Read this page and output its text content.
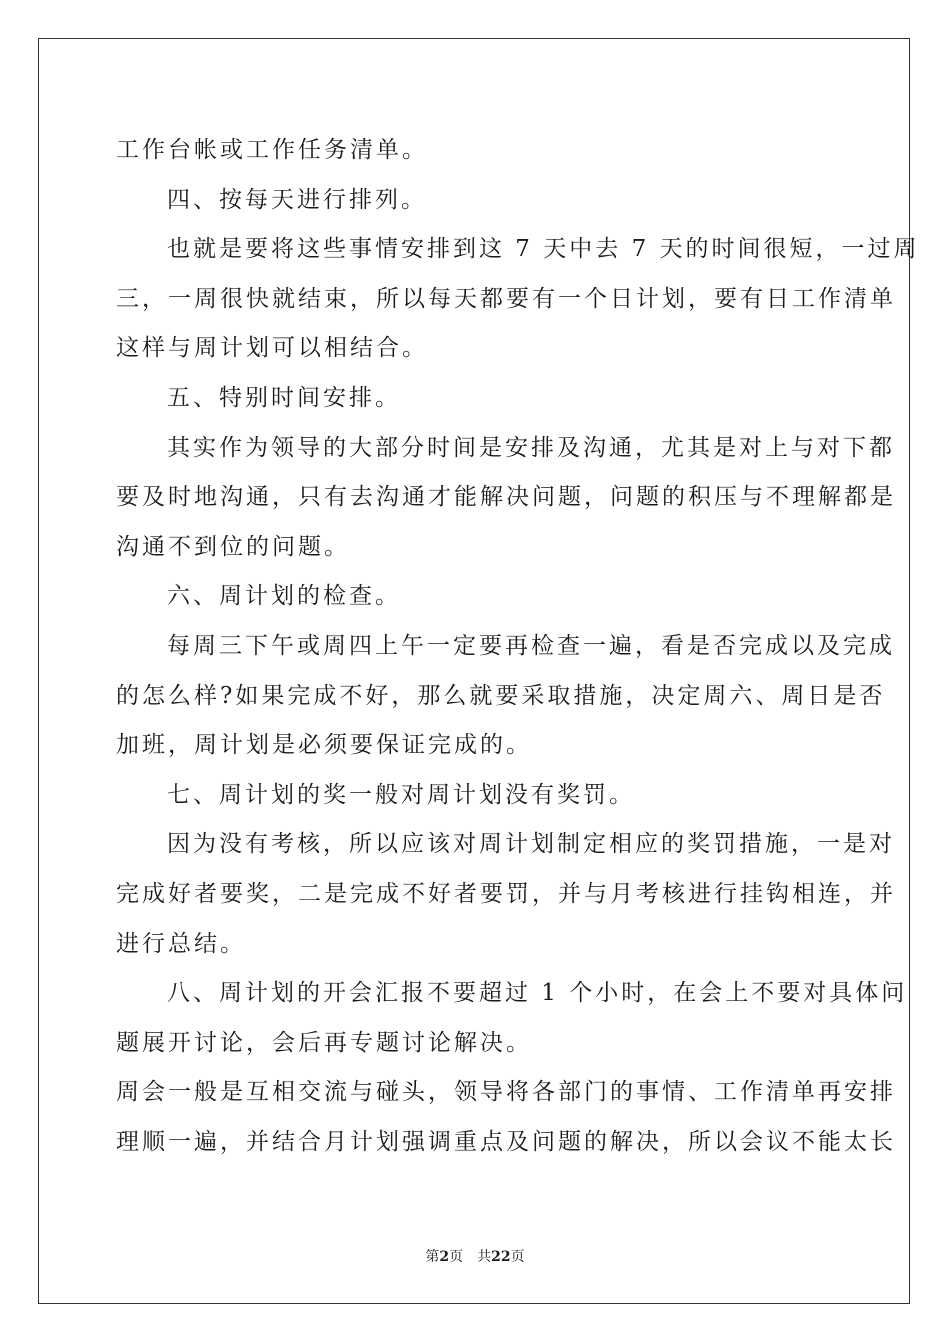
工作台帐或工作任务清单。
四、按每天进行排列。
也就是要将这些事情安排到这 7 天中去 7 天的时间很短，一过周
三，一周很快就结束，所以每天都要有一个日计划，要有日工作清单
这样与周计划可以相结合。
五、特别时间安排。
其实作为领导的大部分时间是安排及沟通，尤其是对上与对下都
要及时地沟通，只有去沟通才能解决问题，问题的积压与不理解都是
沟通不到位的问题。
六、周计划的检查。
每周三下午或周四上午一定要再检查一遍，看是否完成以及完成
的怎么样?如果完成不好，那么就要采取措施，决定周六、周日是否
加班，周计划是必须要保证完成的。
七、周计划的奖一般对周计划没有奖罚。
因为没有考核，所以应该对周计划制定相应的奖罚措施，一是对
完成好者要奖，二是完成不好者要罚，并与月考核进行挂钩相连，并
进行总结。
八、周计划的开会汇报不要超过 1 个小时，在会上不要对具体问
题展开讨论，会后再专题讨论解决。
周会一般是互相交流与碰头，领导将各部门的事情、工作清单再安排
理顺一遍，并结合月计划强调重点及问题的解决，所以会议不能太长
第2页 共22页
